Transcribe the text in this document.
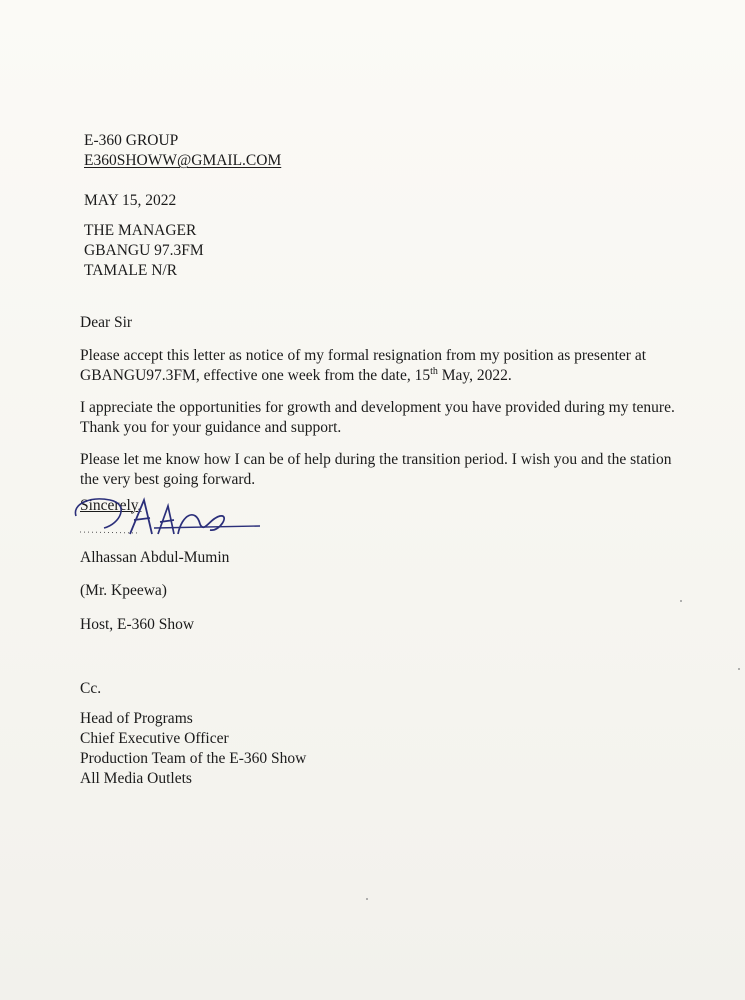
E-360 GROUP
E360SHOWW@GMAIL.COM
MAY 15, 2022
THE MANAGER
GBANGU 97.3FM
TAMALE N/R
Dear Sir
Please accept this letter as notice of my formal resignation from my position as presenter at GBANGU97.3FM, effective one week from the date, 15th May, 2022.
I appreciate the opportunities for growth and development you have provided during my tenure. Thank you for your guidance and support.
Please let me know how I can be of help during the transition period. I wish you and the station the very best going forward.
Sincerely,
Alhassan Abdul-Mumin
(Mr. Kpeewa)
Host, E-360 Show
Cc.
Head of Programs
Chief Executive Officer
Production Team of the E-360 Show
All Media Outlets
